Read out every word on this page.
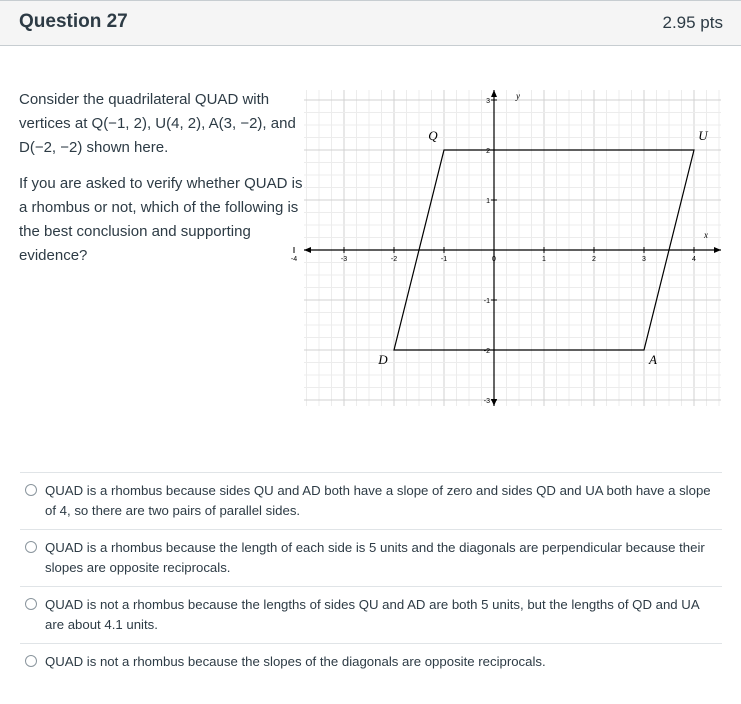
Question 27	2.95 pts

Consider the quadrilateral QUAD with vertices at Q(−1, 2), U(4, 2), A(3, −2), and

D(−2, −2) shown here.

If you are asked to verify whether QUAD is a rhombus or not, which of the following is the best conclusion and supporting evidence?	-4	-3	-2	-1	0	1	2	3	4
3
2
1
-1
-2
-3
x
y
Q	U
A
D
QUAD is a rhombus because sides QU and AD both have a slope of zero and sides QD and UA both have a slope of 4, so there are two pairs of parallel sides.
QUAD is a rhombus because the length of each side is 5 units and the diagonals are perpendicular because their slopes are opposite reciprocals.
QUAD is not a rhombus because the lengths of sides QU and AD are both 5 units, but the lengths of QD and UA are about 4.1 units.
QUAD is not a rhombus because the slopes of the diagonals are opposite reciprocals.
